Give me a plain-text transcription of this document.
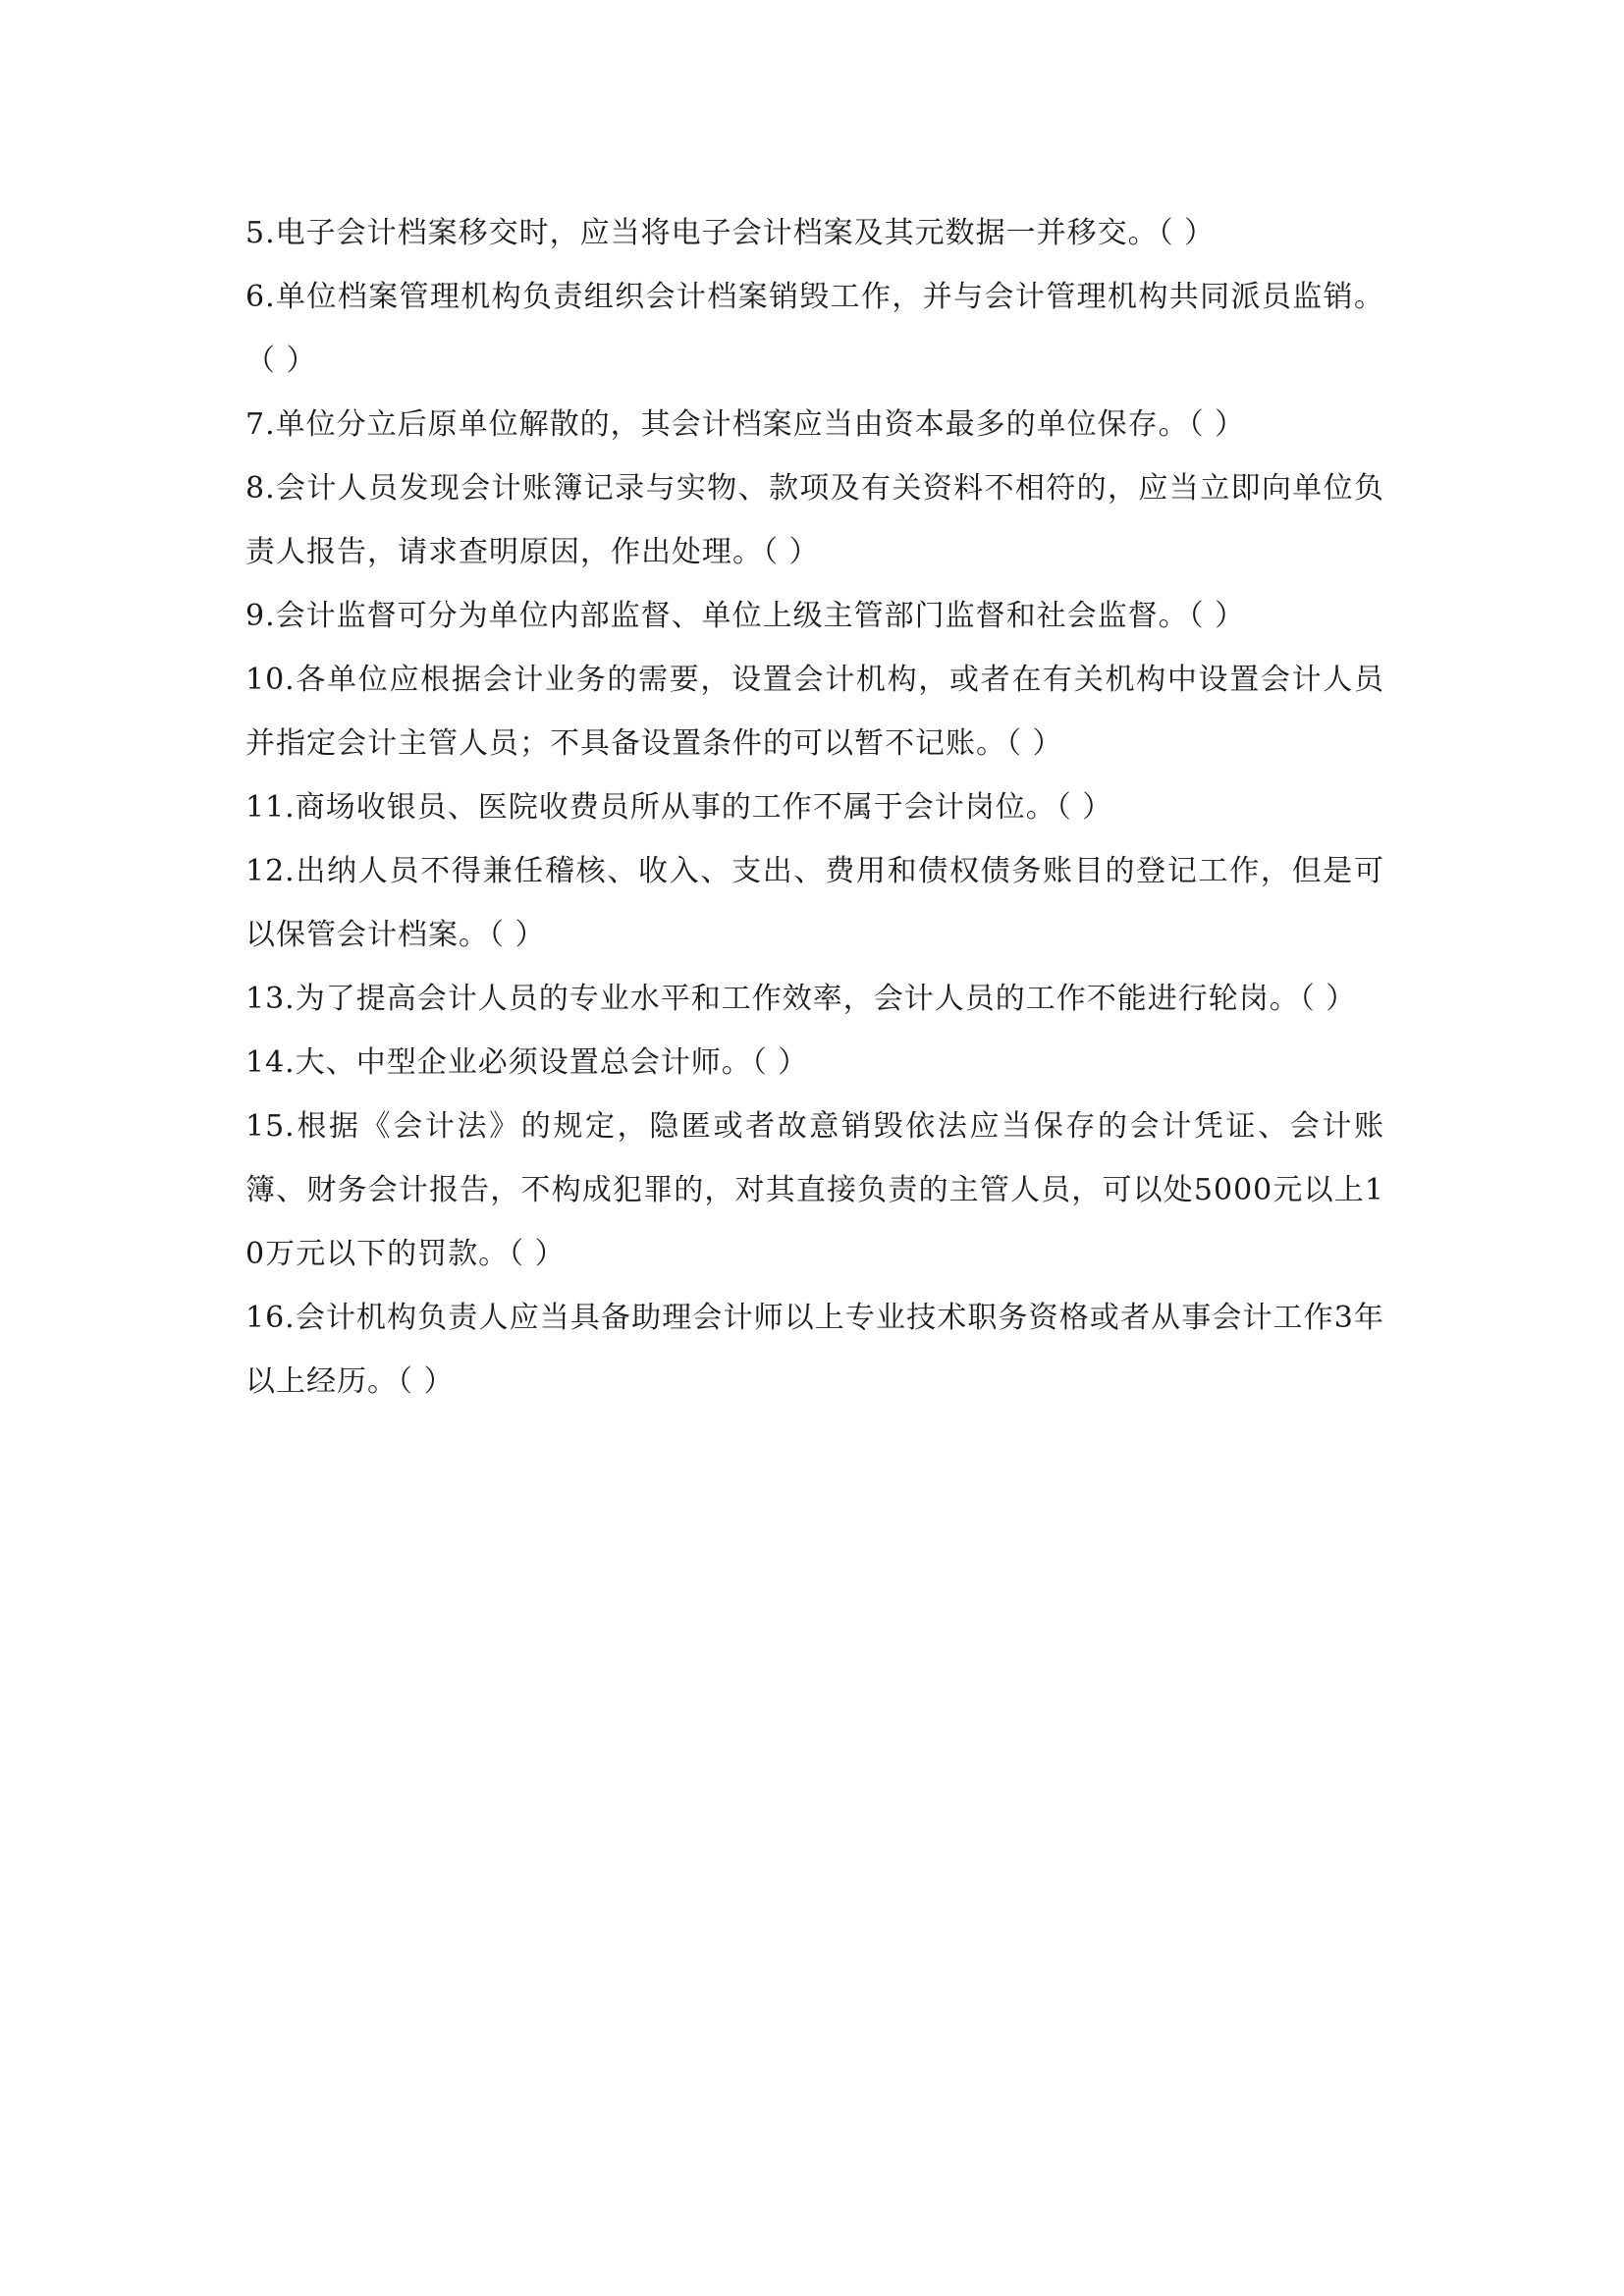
5.电子会计档案移交时，应当将电子会计档案及其元数据一并移交。（ ）

6.单位档案管理机构负责组织会计档案销毁工作，并与会计管理机构共同派员监销。（ ）

7.单位分立后原单位解散的，其会计档案应当由资本最多的单位保存。（ ）

8.会计人员发现会计账簿记录与实物、款项及有关资料不相符的，应当立即向单位负责人报告，请求查明原因，作出处理。（ ）

9.会计监督可分为单位内部监督、单位上级主管部门监督和社会监督。（ ）

10.各单位应根据会计业务的需要，设置会计机构，或者在有关机构中设置会计人员并指定会计主管人员；不具备设置条件的可以暂不记账。（ ）

11.商场收银员、医院收费员所从事的工作不属于会计岗位。（ ）

12.出纳人员不得兼任稽核、收入、支出、费用和债权债务账目的登记工作，但是可以保管会计档案。（ ）

13.为了提高会计人员的专业水平和工作效率，会计人员的工作不能进行轮岗。（ ）

14.大、中型企业必须设置总会计师。（ ）

15.根据《会计法》的规定，隐匿或者故意销毁依法应当保存的会计凭证、会计账簿、财务会计报告，不构成犯罪的，对其直接负责的主管人员，可以处5000元以上10万元以下的罚款。（ ）

16.会计机构负责人应当具备助理会计师以上专业技术职务资格或者从事会计工作3年以上经历。（ ）
